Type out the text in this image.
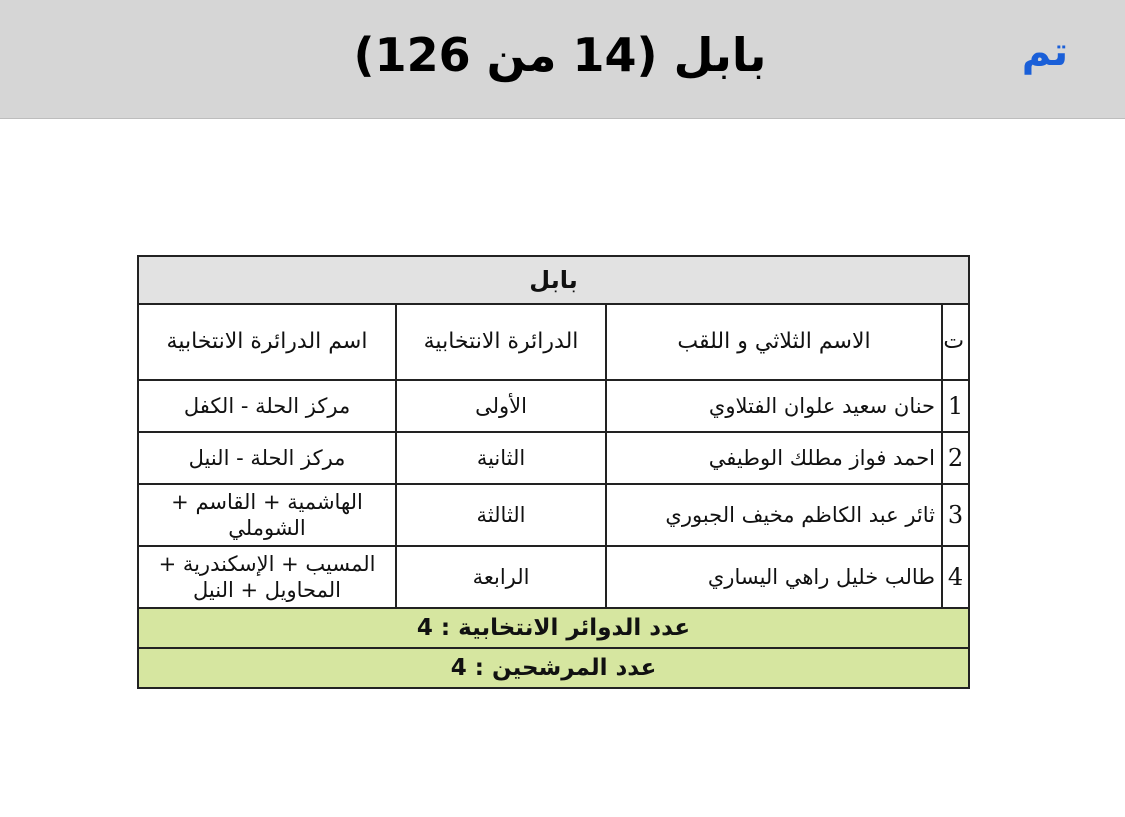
تم
بابل (14 من 126)
بابل			
ت	الاسم الثلاثي و اللقب	الدرائرة الانتخابية	اسم الدرائرة الانتخابية
1	حنان سعيد علوان الفتلاوي	الأولى	مركز الحلة - الكفل
2	احمد فواز مطلك الوطيفي	الثانية	مركز الحلة - النيل
3	ثائر عبد الكاظم مخيف الجبوري	الثالثة	الهاشمية + القاسم + الشوملي
4	طالب خليل راهي اليساري	الرابعة	المسيب + الإسكندرية + المحاويل + النيل
عدد الدوائر الانتخابية : 4			
عدد المرشحين : 4			
